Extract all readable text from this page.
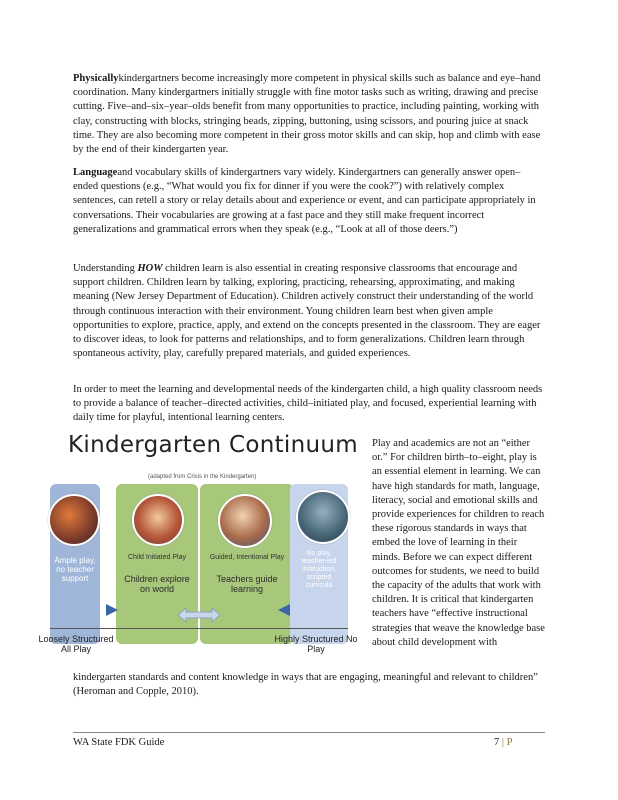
Physicallykindergartners become increasingly more competent in physical skills such as balance and eye‒hand coordination. Many kindergartners initially struggle with fine motor tasks such as writing, drawing and precise cutting. Five‒and‒six‒year‒olds benefit from many opportunities to practice, including painting, working with clay, constructing with blocks, stringing beads, zipping, buttoning, using scissors, and pouring juice at snack time. They are also becoming more competent in their gross motor skills and can skip, hop and climb with ease by the end of their kindergarten year.

Languageand vocabulary skills of kindergartners vary widely. Kindergartners can generally answer open‒ended questions (e.g., “What would you fix for dinner if you were the cook?”) with relatively complex sentences, can retell a story or relay details about and experience or event, and can participate appropriately in conversations. Their vocabularies are growing at a fast pace and they still make frequent incorrect generalizations and grammatical errors when they speak (e.g., “Look at all of those deers.”)

Understanding HOW children learn is also essential in creating responsive classrooms that encourage and support children. Children learn by talking, exploring, practicing, rehearsing, approximating, and making meaning (New Jersey Department of Education). Children actively construct their understanding of the world through continuous interaction with their environment. Young children learn best when given ample opportunities to explore, practice, apply, and extend on the concepts presented in the classroom. They are eager to discover ideas, to look for patterns and relationships, and to form generalizations. Children learn through spontaneous activity, play, carefully prepared materials, and guided experiences.

In order to meet the learning and developmental needs of the kindergarten child, a high quality classroom needs to provide a balance of teacher‒directed activities, child‒initiated play, and focused, experiential learning with daily time for playful, intentional learning centers.

Kindergarten Continuum
(adapted from Crisis in the Kindergarten)
Ample play, no teacher support
Child Initiated Play
Children explore on world
Guided, Intentional Play
Teachers guide learning
No play, teacher-led instruction, scripted curricula
Loosely Structured All Play
Highly Structured No Play

Play and academics are not an “either or.” For children birth‒to‒eight, play is an essential element in learning. We can have high standards for math, language, literacy, social and emotional skills and provide experiences for children to reach these rigorous standards in ways that embed the love of learning in their minds. Before we can expect different outcomes for students, we need to build the capacity of the adults that work with children. It is critical that kindergarten teachers have “effective instructional strategies that weave the knowledge base about child development with

kindergarten standards and content knowledge in ways that are engaging, meaningful and relevant to children” (Heroman and Copple, 2010).

WA State FDK Guide	7 | P
